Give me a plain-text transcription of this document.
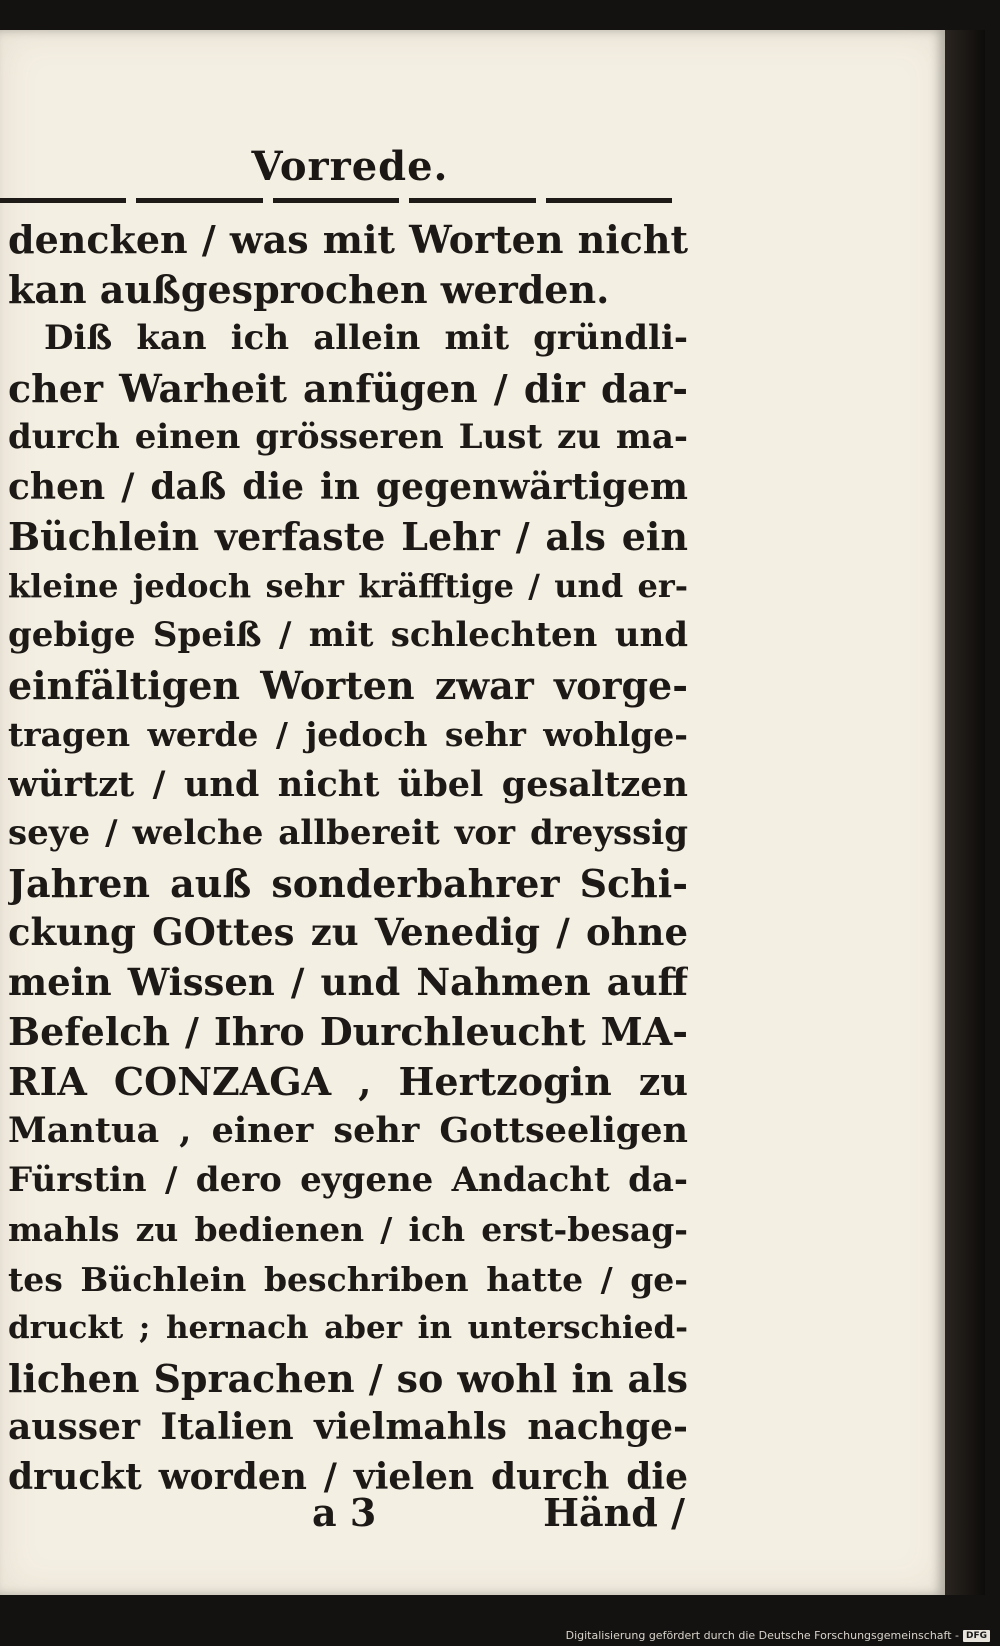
Vorrede.
dencken / was mit Worten nicht
kan außgesprochen werden.
Diß kan ich allein mit gründli-
cher Warheit anfügen / dir dar-
durch einen grösseren Lust zu ma-
chen / daß die in gegenwärtigem
Büchlein verfaste Lehr / als ein
kleine jedoch sehr kräfftige / und er-
gebige Speiß / mit schlechten und
einfältigen Worten zwar vorge-
tragen werde / jedoch sehr wohlge-
würtzt / und nicht übel gesaltzen
seye / welche allbereit vor dreyssig
Jahren auß sonderbahrer Schi-
ckung GOttes zu Venedig / ohne
mein Wissen / und Nahmen auff
Befelch / Ihro Durchleucht MA-
RIA CONZAGA , Hertzogin zu
Mantua , einer sehr Gottseeligen
Fürstin / dero eygene Andacht da-
mahls zu bedienen / ich erst-besag-
tes Büchlein beschriben hatte / ge-
druckt ; hernach aber in unterschied-
lichen Sprachen / so wohl in als
ausser Italien vielmahls nachge-
druckt worden / vielen durch die
a 3	Händ /
Digitalisierung gefördert durch die Deutsche Forschungsgemeinschaft - DFG
